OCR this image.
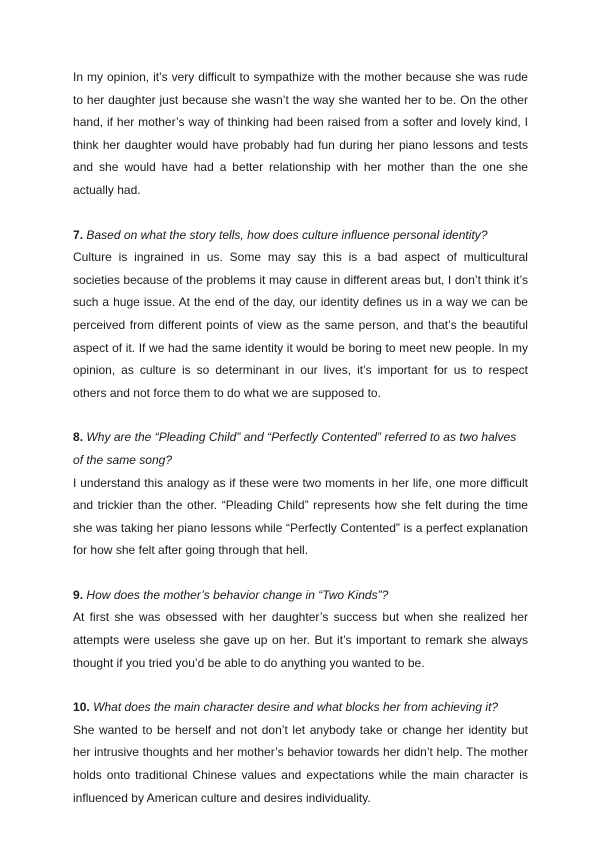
In my opinion, it’s very difficult to sympathize with the mother because she was rude to her daughter just because she wasn’t the way she wanted her to be. On the other hand, if her mother’s way of thinking had been raised from a softer and lovely kind, I think her daughter would have probably had fun during her piano lessons and tests and she would have had a better relationship with her mother than the one she actually had.

7. Based on what the story tells, how does culture influence personal identity?

Culture is ingrained in us. Some may say this is a bad aspect of multicultural societies because of the problems it may cause in different areas but, I don’t think it’s such a huge issue. At the end of the day, our identity defines us in a way we can be perceived from different points of view as the same person, and that’s the beautiful aspect of it. If we had the same identity it would be boring to meet new people. In my opinion, as culture is so determinant in our lives, it’s important for us to respect others and not force them to do what we are supposed to.

8. Why are the “Pleading Child” and “Perfectly Contented” referred to as two halves of the same song?

I understand this analogy as if these were two moments in her life, one more difficult and trickier than the other. “Pleading Child” represents how she felt during the time she was taking her piano lessons while “Perfectly Contented” is a perfect explanation for how she felt after going through that hell.

9. How does the mother’s behavior change in “Two Kinds”?

At first she was obsessed with her daughter’s success but when she realized her attempts were useless she gave up on her. But it’s important to remark she always thought if you tried you’d be able to do anything you wanted to be.

10. What does the main character desire and what blocks her from achieving it?

She wanted to be herself and not don’t let anybody take or change her identity but her intrusive thoughts and her mother’s behavior towards her didn’t help. The mother holds onto traditional Chinese values and expectations while the main character is influenced by American culture and desires individuality.
